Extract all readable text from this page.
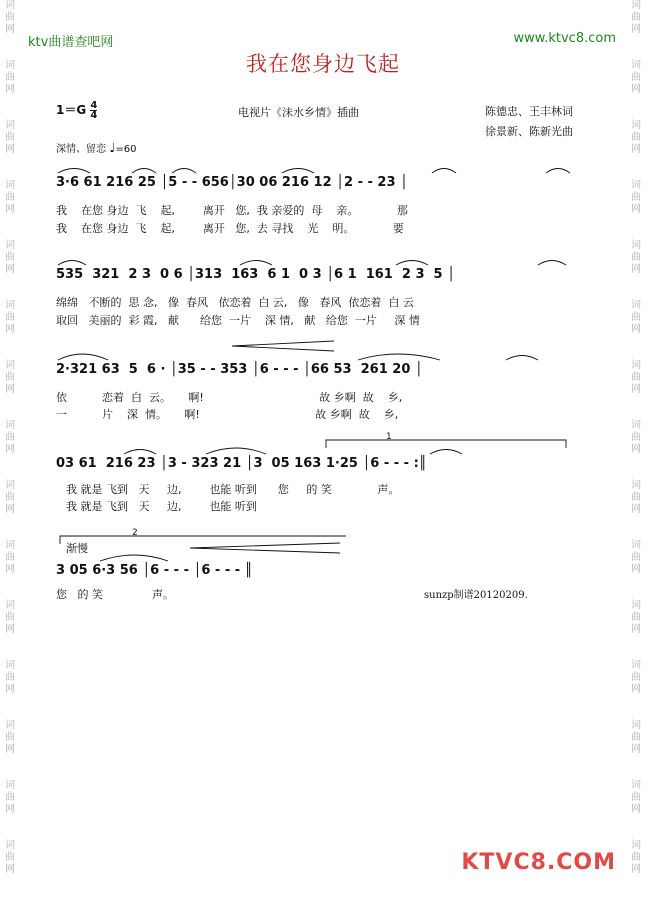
词
曲
网
词
曲
网
词
曲
网
词
曲
网
词
曲
网
词
曲
网
词
曲
网
词
曲
网
词
曲
网
词
曲
网
词
曲
网
词
曲
网
词
曲
网
词
曲
网
词
曲
网
词
曲
网
词
曲
网
词
曲
网
词
曲
网
词
曲
网
词
曲
网
词
曲
网
词
曲
网
词
曲
网
词
曲
网
词
曲
网
词
曲
网
词
曲
网
词
曲
网
词
曲
网
ktv曲谱查吧网	www.ktvc8.com
我在您身边飞起
$1=G \frac{4}{4}$	电视片《沫水乡情》插曲	陈德忠、王丰林词
徐景新、陈新光曲
深情、留恋 ♩=60
3·6 61 216 25 │5 - - 656│30 06 216 12 │2 - - 23 │
我    在您 身边  飞    起,        离开   您,  我 亲爱的  母    亲。           那
我    在您 身边  飞    起,        离开   您,  去 寻找    光    明。           要
535  321  2 3  0 6 │313  163  6 1  0 3 │6 1  161  2 3  5 │
绵绵   不断的  思 念,   像  春风   依恋着  白 云,   像   春风  依恋着  白 云
取回   美丽的  彩 霞,   献      给您  一片    深 情,   献   给您  一片     深 情
2·321 63  5  6 · │35 - - 353 │6 - - - │66 53  261 20 │
依          恋着  白  云。     啊!                                 故 乡啊  故    乡,
一          片    深  情。     啊!                                 故 乡啊  故    乡,
1
03 61  216 23 │3 - 323 21 │3  05 163 1·25 │6 - - - :║
我 就是 飞到   天     边,        也能 听到      您     的 笑             声。
我 就是 飞到   天     边,        也能 听到
2
渐慢
3 05 6·3 56 │6 - - - │6 - - - ║
您   的 笑              声。	sunzp制谱20120209.
KTVC8.COM
